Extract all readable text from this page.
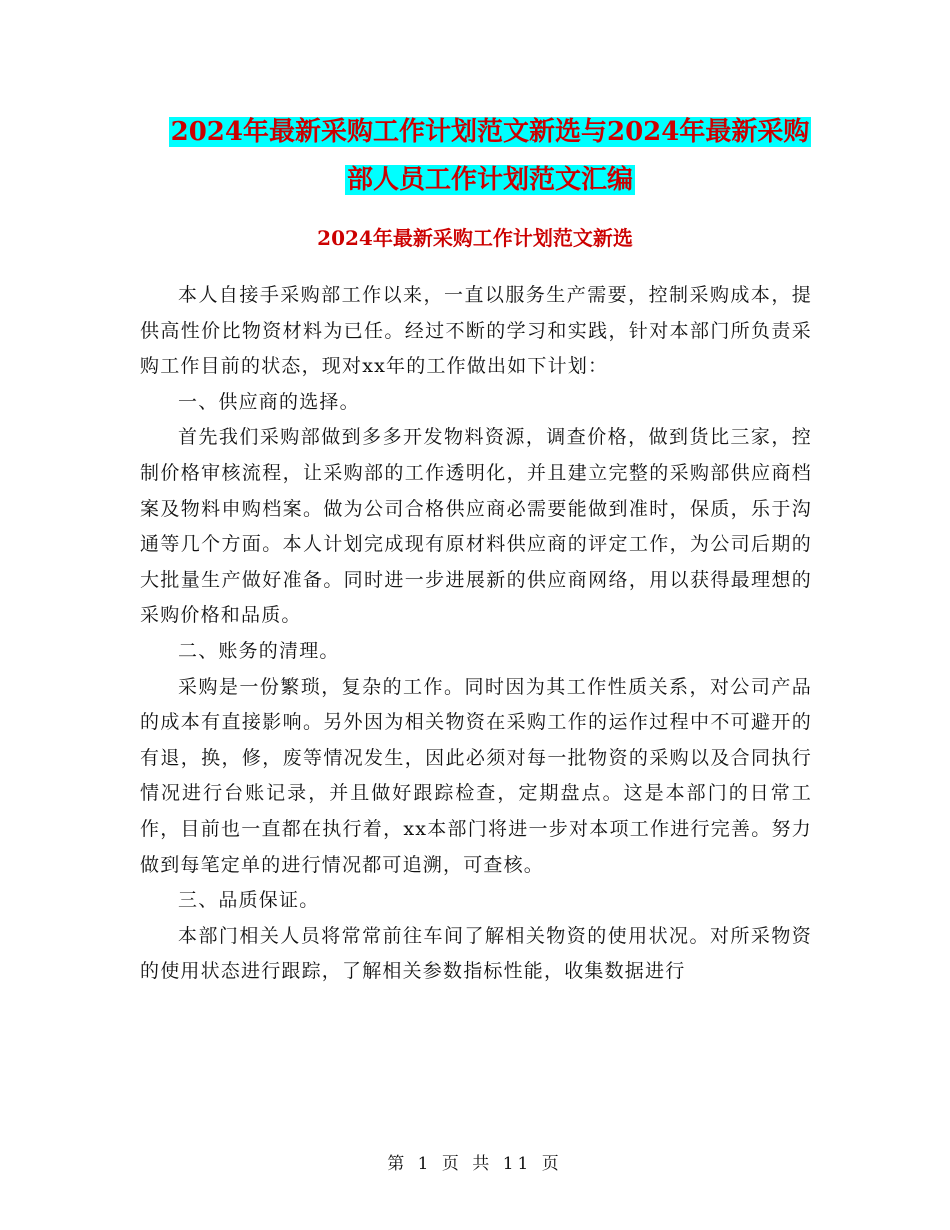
2024年最新采购工作计划范文新选与2024年最新采购
部人员工作计划范文汇编
2024年最新采购工作计划范文新选

本人自接手采购部工作以来，一直以服务生产需要，控制采购成本，提供高性价比物资材料为已任。经过不断的学习和实践，针对本部门所负责采购工作目前的状态，现对xx年的工作做出如下计划：

一、供应商的选择。

首先我们采购部做到多多开发物料资源，调查价格，做到货比三家，控制价格审核流程，让采购部的工作透明化，并且建立完整的采购部供应商档案及物料申购档案。做为公司合格供应商必需要能做到准时，保质，乐于沟通等几个方面。本人计划完成现有原材料供应商的评定工作，为公司后期的大批量生产做好准备。同时进一步进展新的供应商网络，用以获得最理想的采购价格和品质。

二、账务的清理。

采购是一份繁琐，复杂的工作。同时因为其工作性质关系，对公司产品的成本有直接影响。另外因为相关物资在采购工作的运作过程中不可避开的有退，换，修，废等情况发生，因此必须对每一批物资的采购以及合同执行情况进行台账记录，并且做好跟踪检查，定期盘点。这是本部门的日常工作，目前也一直都在执行着，xx本部门将进一步对本项工作进行完善。努力做到每笔定单的进行情况都可追溯，可查核。

三、品质保证。

本部门相关人员将常常前往车间了解相关物资的使用状况。对所采物资的使用状态进行跟踪，了解相关参数指标性能，收集数据进行

第 1 页 共 11 页
